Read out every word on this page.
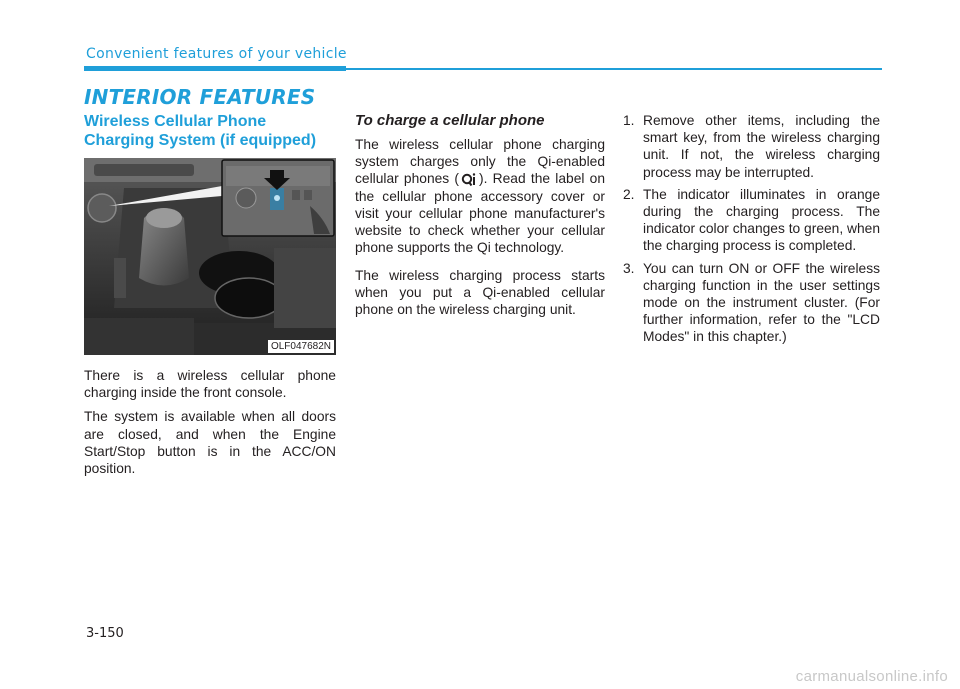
Convenient features of your vehicle
INTERIOR FEATURES
Wireless Cellular Phone Charging System (if equipped)
OLF047682N

There is a wireless cellular phone charging inside the front console.

The system is available when all doors are closed, and when the Engine Start/Stop button is in the ACC/ON position.

To charge a cellular phone

The wireless cellular phone charging system charges only the Qi-enabled cellular phones ( ). Read the label on the cellular phone accessory cover or visit your cellular phone manufacturer's website to check whether your cellular phone supports the Qi technology.

The wireless charging process starts when you put a Qi-enabled cellular phone on the wireless charging unit.

1. Remove other items, including the smart key, from the wireless charging unit. If not, the wireless charging process may be interrupted.

2. The indicator illuminates in orange during the charging process. The indicator color changes to green, when the charging process is completed.

3. You can turn ON or OFF the wireless charging function in the user settings mode on the instrument cluster. (For further information, refer to the "LCD Modes" in this chapter.)

3-150
carmanualsonline.info
